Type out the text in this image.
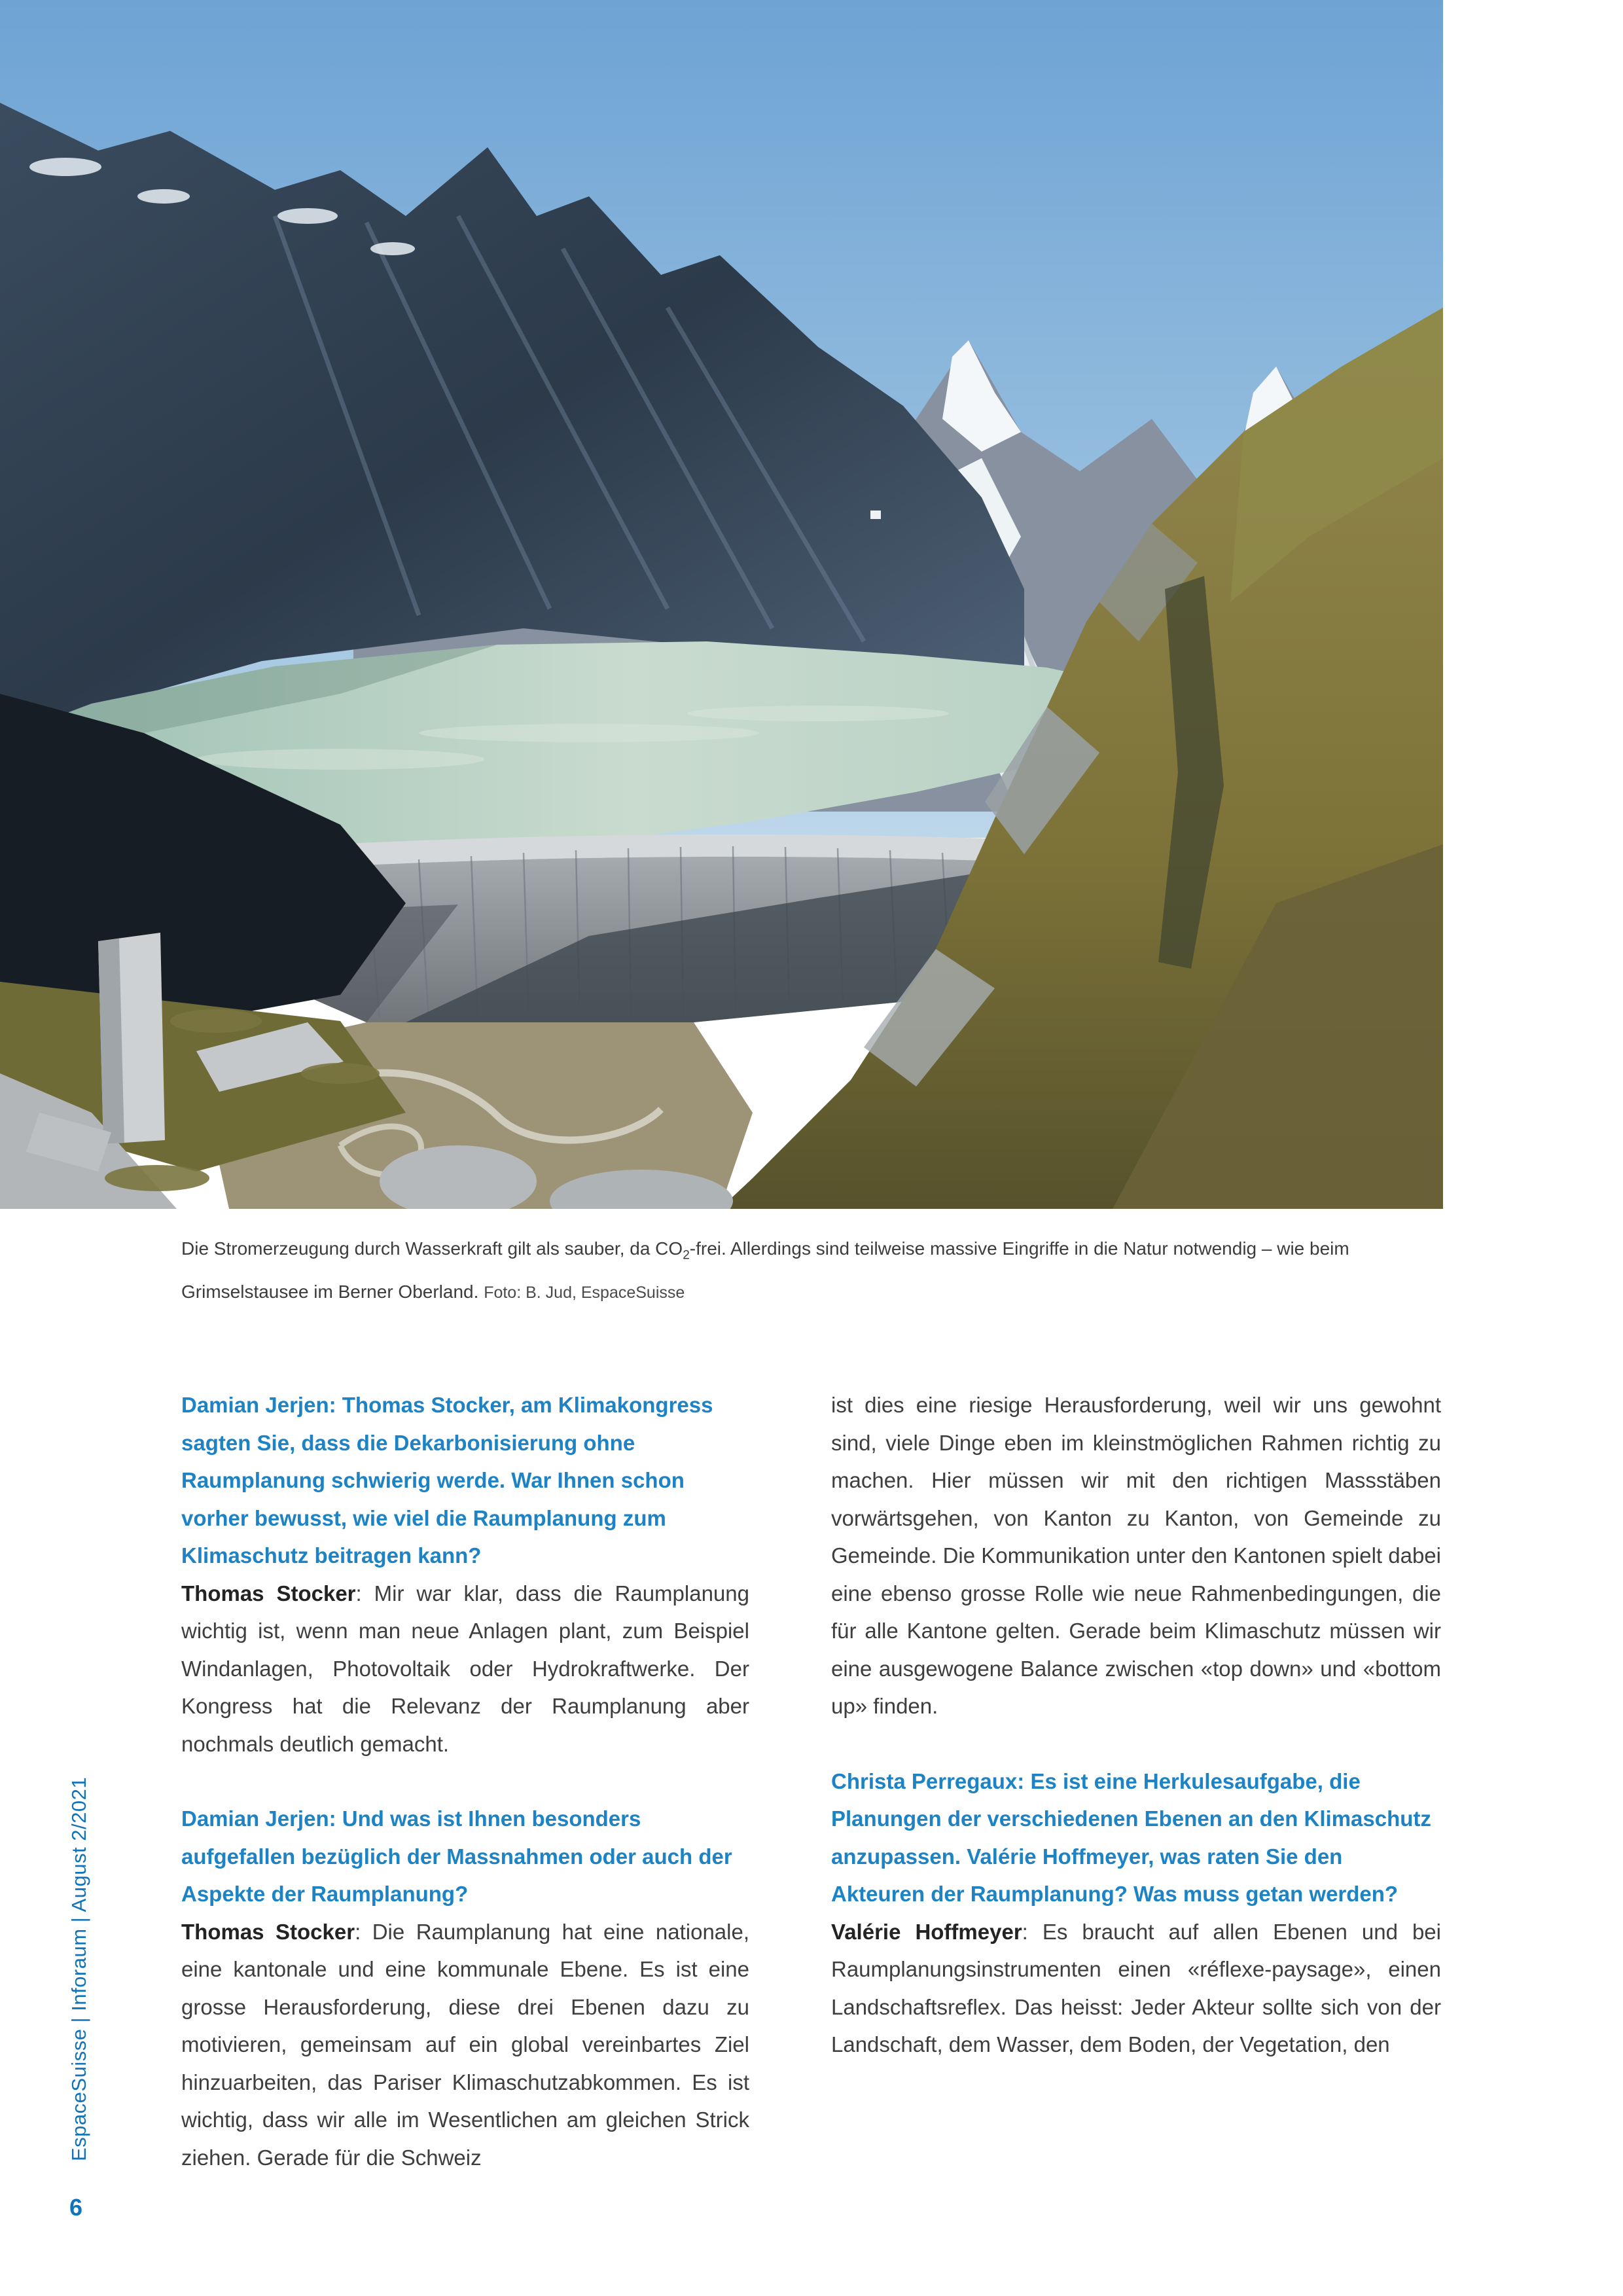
Die Stromerzeugung durch Wasserkraft gilt als sauber, da $CO_2$-frei. Allerdings sind teilweise massive Eingriffe in die Natur notwendig – wie beim Grimselstausee im Berner Oberland. Foto: B. Jud, EspaceSuisse

Damian Jerjen: Thomas Stocker, am Klimakongress sagten Sie, dass die Dekarbonisierung ohne Raumplanung schwierig werde. War Ihnen schon vorher bewusst, wie viel die Raumplanung zum Klimaschutz beitragen kann?

Thomas Stocker: Mir war klar, dass die Raumplanung wichtig ist, wenn man neue Anlagen plant, zum Beispiel Windanlagen, Photovoltaik oder Hydrokraftwerke. Der Kongress hat die Relevanz der Raumplanung aber nochmals deutlich gemacht.

Damian Jerjen: Und was ist Ihnen besonders aufgefallen bezüglich der Massnahmen oder auch der Aspekte der Raumplanung?

Thomas Stocker: Die Raumplanung hat eine nationale, eine kantonale und eine kommunale Ebene. Es ist eine grosse Herausforderung, diese drei Ebenen dazu zu motivieren, gemeinsam auf ein global vereinbartes Ziel hinzuarbeiten, das Pariser Klimaschutzabkommen. Es ist wichtig, dass wir alle im Wesentlichen am gleichen Strick ziehen. Gerade für die Schweiz

ist dies eine riesige Herausforderung, weil wir uns gewohnt sind, viele Dinge eben im kleinstmöglichen Rahmen richtig zu machen. Hier müssen wir mit den richtigen Massstäben vorwärtsgehen, von Kanton zu Kanton, von Gemeinde zu Gemeinde. Die Kommunikation unter den Kantonen spielt dabei eine ebenso grosse Rolle wie neue Rahmenbedingungen, die für alle Kantone gelten. Gerade beim Klimaschutz müssen wir eine ausgewogene Balance zwischen «top down» und «bottom up» finden.

Christa Perregaux: Es ist eine Herkulesaufgabe, die Planungen der verschiedenen Ebenen an den Klimaschutz anzupassen. Valérie Hoffmeyer, was raten Sie den Akteuren der Raumplanung? Was muss getan werden?

Valérie Hoffmeyer: Es braucht auf allen Ebenen und bei Raumplanungsinstrumenten einen «réflexe-paysage», einen Landschaftsreflex. Das heisst: Jeder Akteur sollte sich von der Landschaft, dem Wasser, dem Boden, der Vegetation, den

EspaceSuisse | Inforaum | August 2/2021
6
